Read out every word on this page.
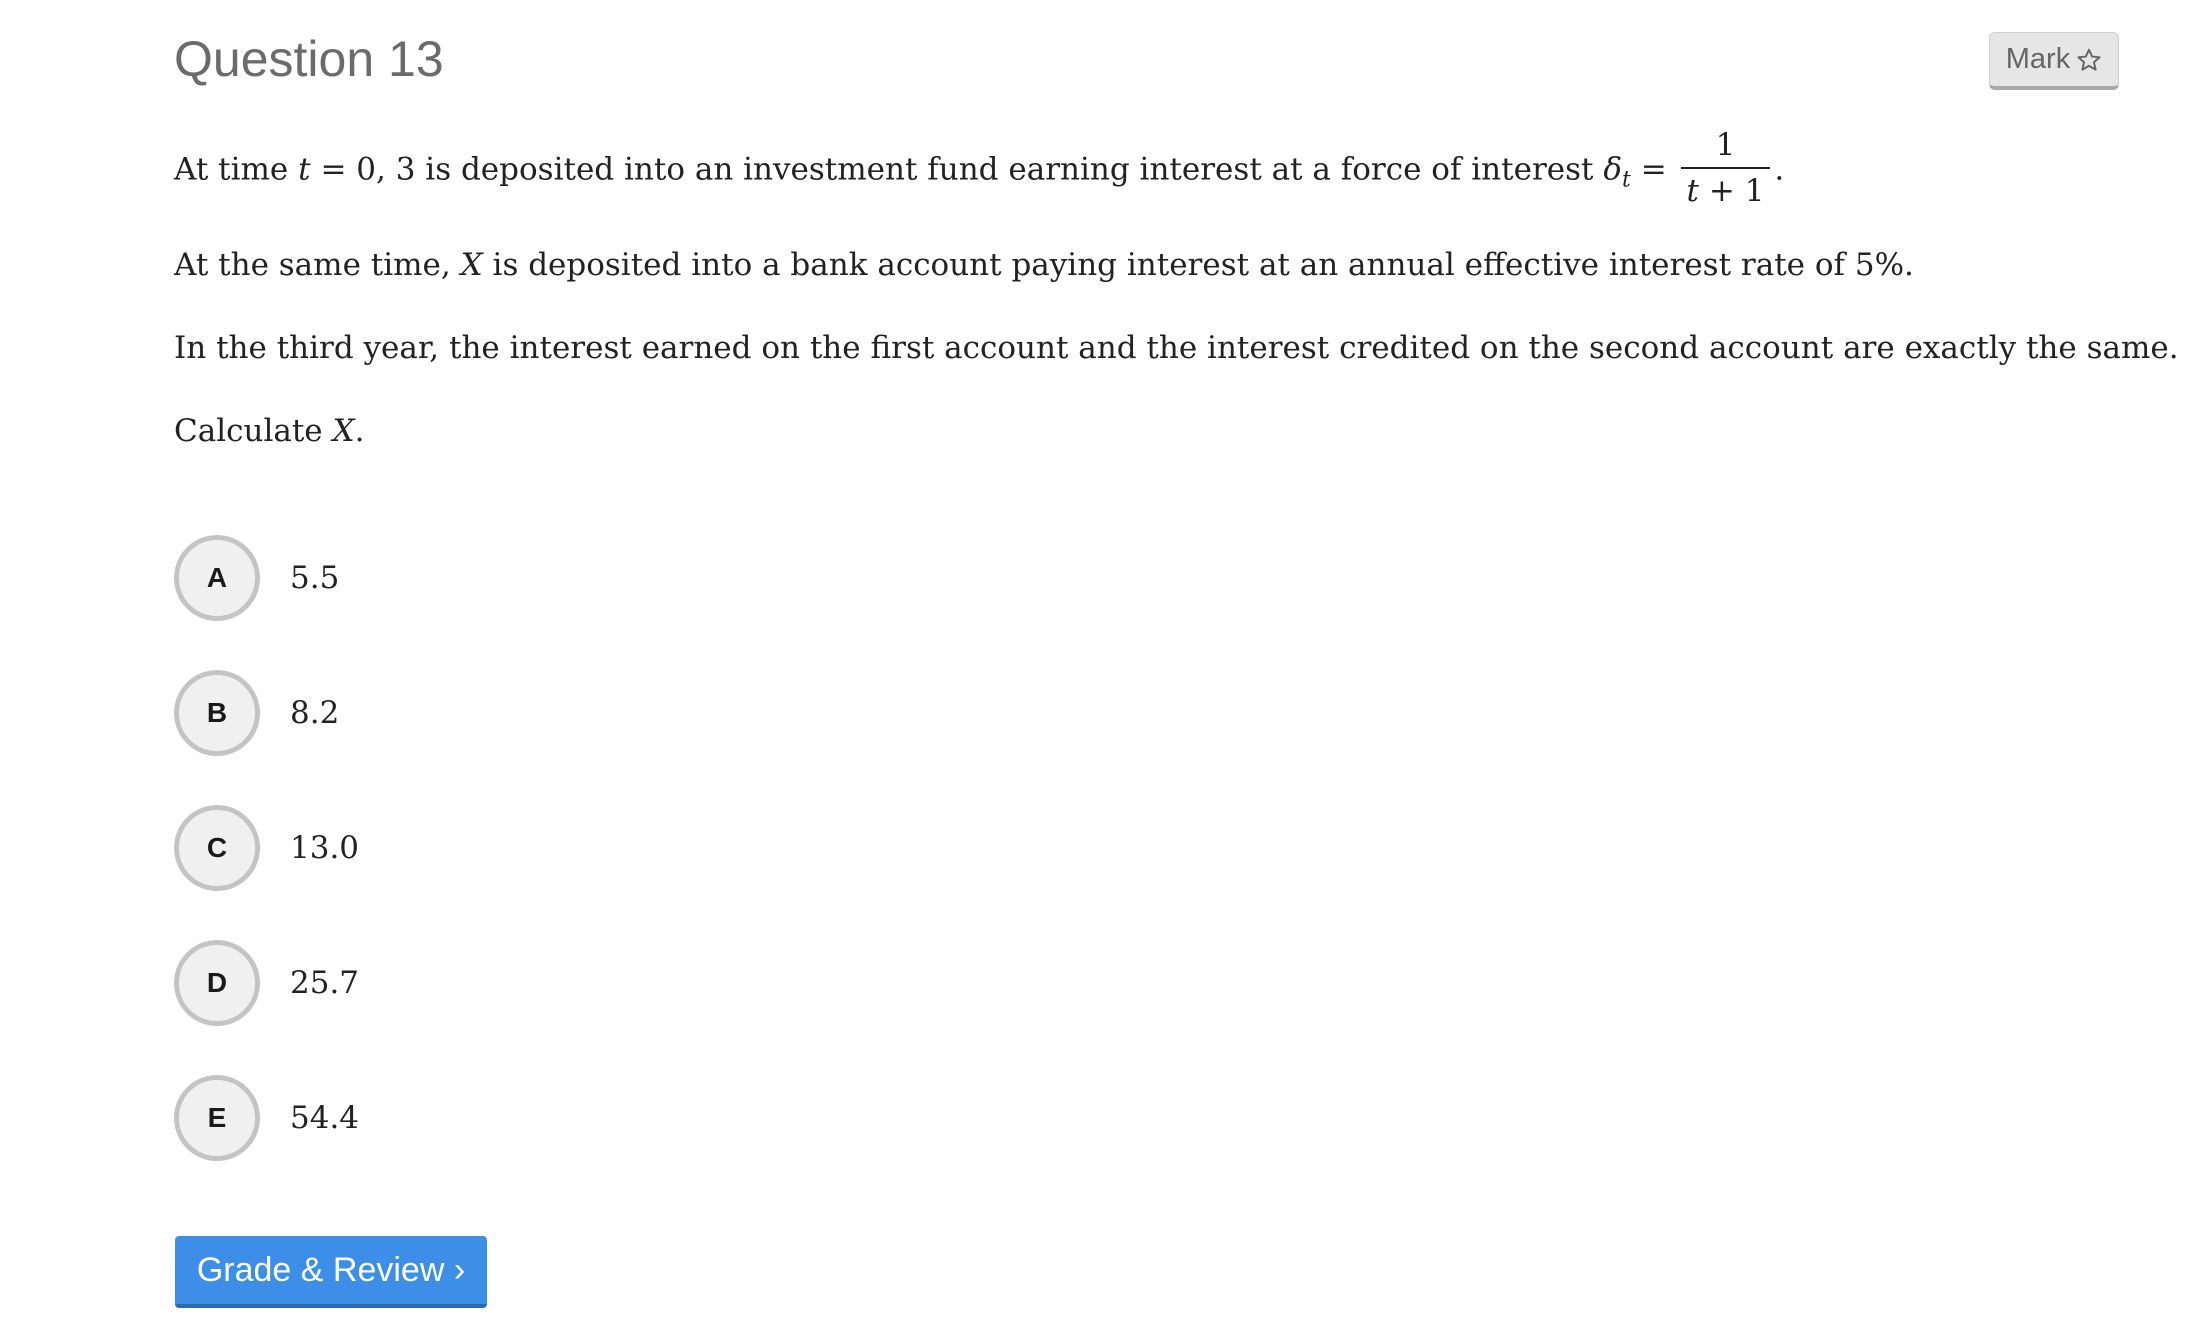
Question 13	Mark

At time t = 0, 3 is deposited into an investment fund earning interest at a force of interest $\delta_t = \frac{1}{t + 1}$ .

At the same time, X is deposited into a bank account paying interest at an annual effective interest rate of 5%.

In the third year, the interest earned on the first account and the interest credited on the second account are exactly the same.

Calculate X.

A	5.5
B	8.2
C	13.0
D	25.7
E	54.4
Grade & Review ›
